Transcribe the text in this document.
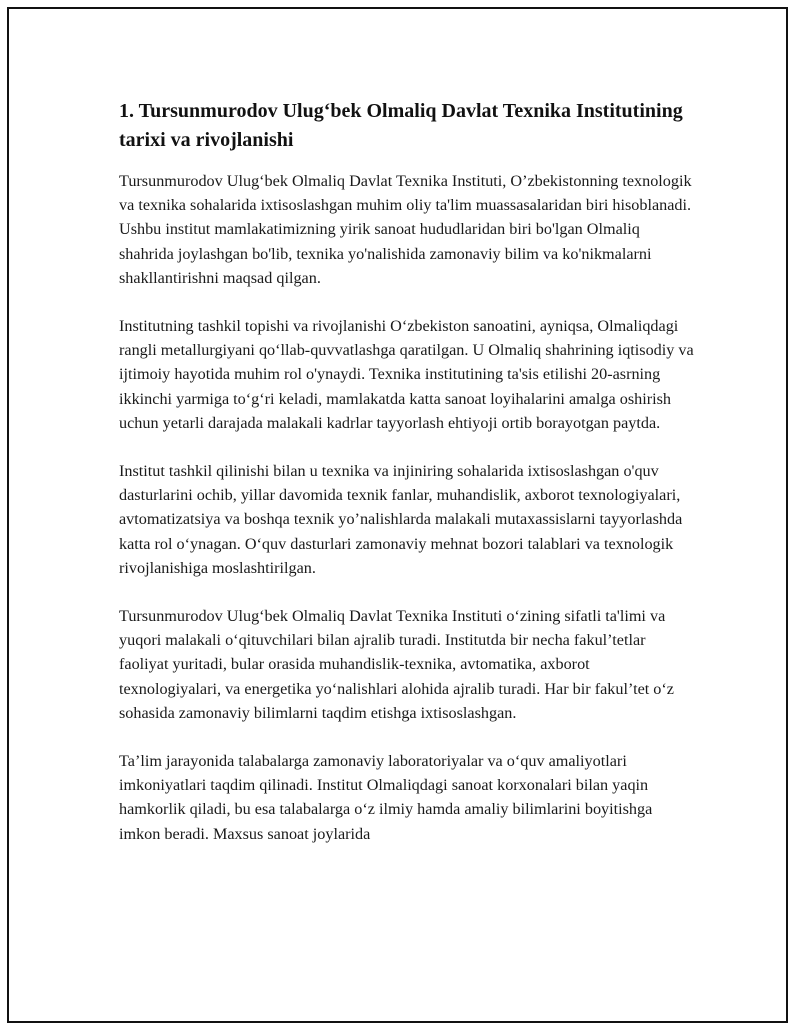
1. Tursunmurodov Ulug‘bek Olmaliq Davlat Texnika Institutining tarixi va rivojlanishi

Tursunmurodov Ulug‘bek Olmaliq Davlat Texnika Instituti, O’zbekistonning texnologik va texnika sohalarida ixtisoslashgan muhim oliy ta'lim muassasalaridan biri hisoblanadi. Ushbu institut mamlakatimizning yirik sanoat hududlaridan biri bo'lgan Olmaliq shahrida joylashgan bo'lib, texnika yo'nalishida zamonaviy bilim va ko'nikmalarni shakllantirishni maqsad qilgan.

Institutning tashkil topishi va rivojlanishi O‘zbekiston sanoatini, ayniqsa, Olmaliqdagi rangli metallurgiyani qo‘llab-quvvatlashga qaratilgan. U Olmaliq shahrining iqtisodiy va ijtimoiy hayotida muhim rol o'ynaydi. Texnika institutining ta'sis etilishi 20-asrning ikkinchi yarmiga to‘g‘ri keladi, mamlakatda katta sanoat loyihalarini amalga oshirish uchun yetarli darajada malakali kadrlar tayyorlash ehtiyoji ortib borayotgan paytda.

Institut tashkil qilinishi bilan u texnika va injiniring sohalarida ixtisoslashgan o'quv dasturlarini ochib, yillar davomida texnik fanlar, muhandislik, axborot texnologiyalari, avtomatizatsiya va boshqa texnik yo’nalishlarda malakali mutaxassislarni tayyorlashda katta rol o‘ynagan. O‘quv dasturlari zamonaviy mehnat bozori talablari va texnologik rivojlanishiga moslashtirilgan.

Tursunmurodov Ulug‘bek Olmaliq Davlat Texnika Instituti o‘zining sifatli ta'limi va yuqori malakali o‘qituvchilari bilan ajralib turadi. Institutda bir necha fakul’tetlar faoliyat yuritadi, bular orasida muhandislik-texnika, avtomatika, axborot texnologiyalari, va energetika yo‘nalishlari alohida ajralib turadi. Har bir fakul’tet o‘z sohasida zamonaviy bilimlarni taqdim etishga ixtisoslashgan.

Ta’lim jarayonida talabalarga zamonaviy laboratoriyalar va o‘quv amaliyotlari imkoniyatlari taqdim qilinadi. Institut Olmaliqdagi sanoat korxonalari bilan yaqin hamkorlik qiladi, bu esa talabalarga o‘z ilmiy hamda amaliy bilimlarini boyitishga imkon beradi. Maxsus sanoat joylarida
